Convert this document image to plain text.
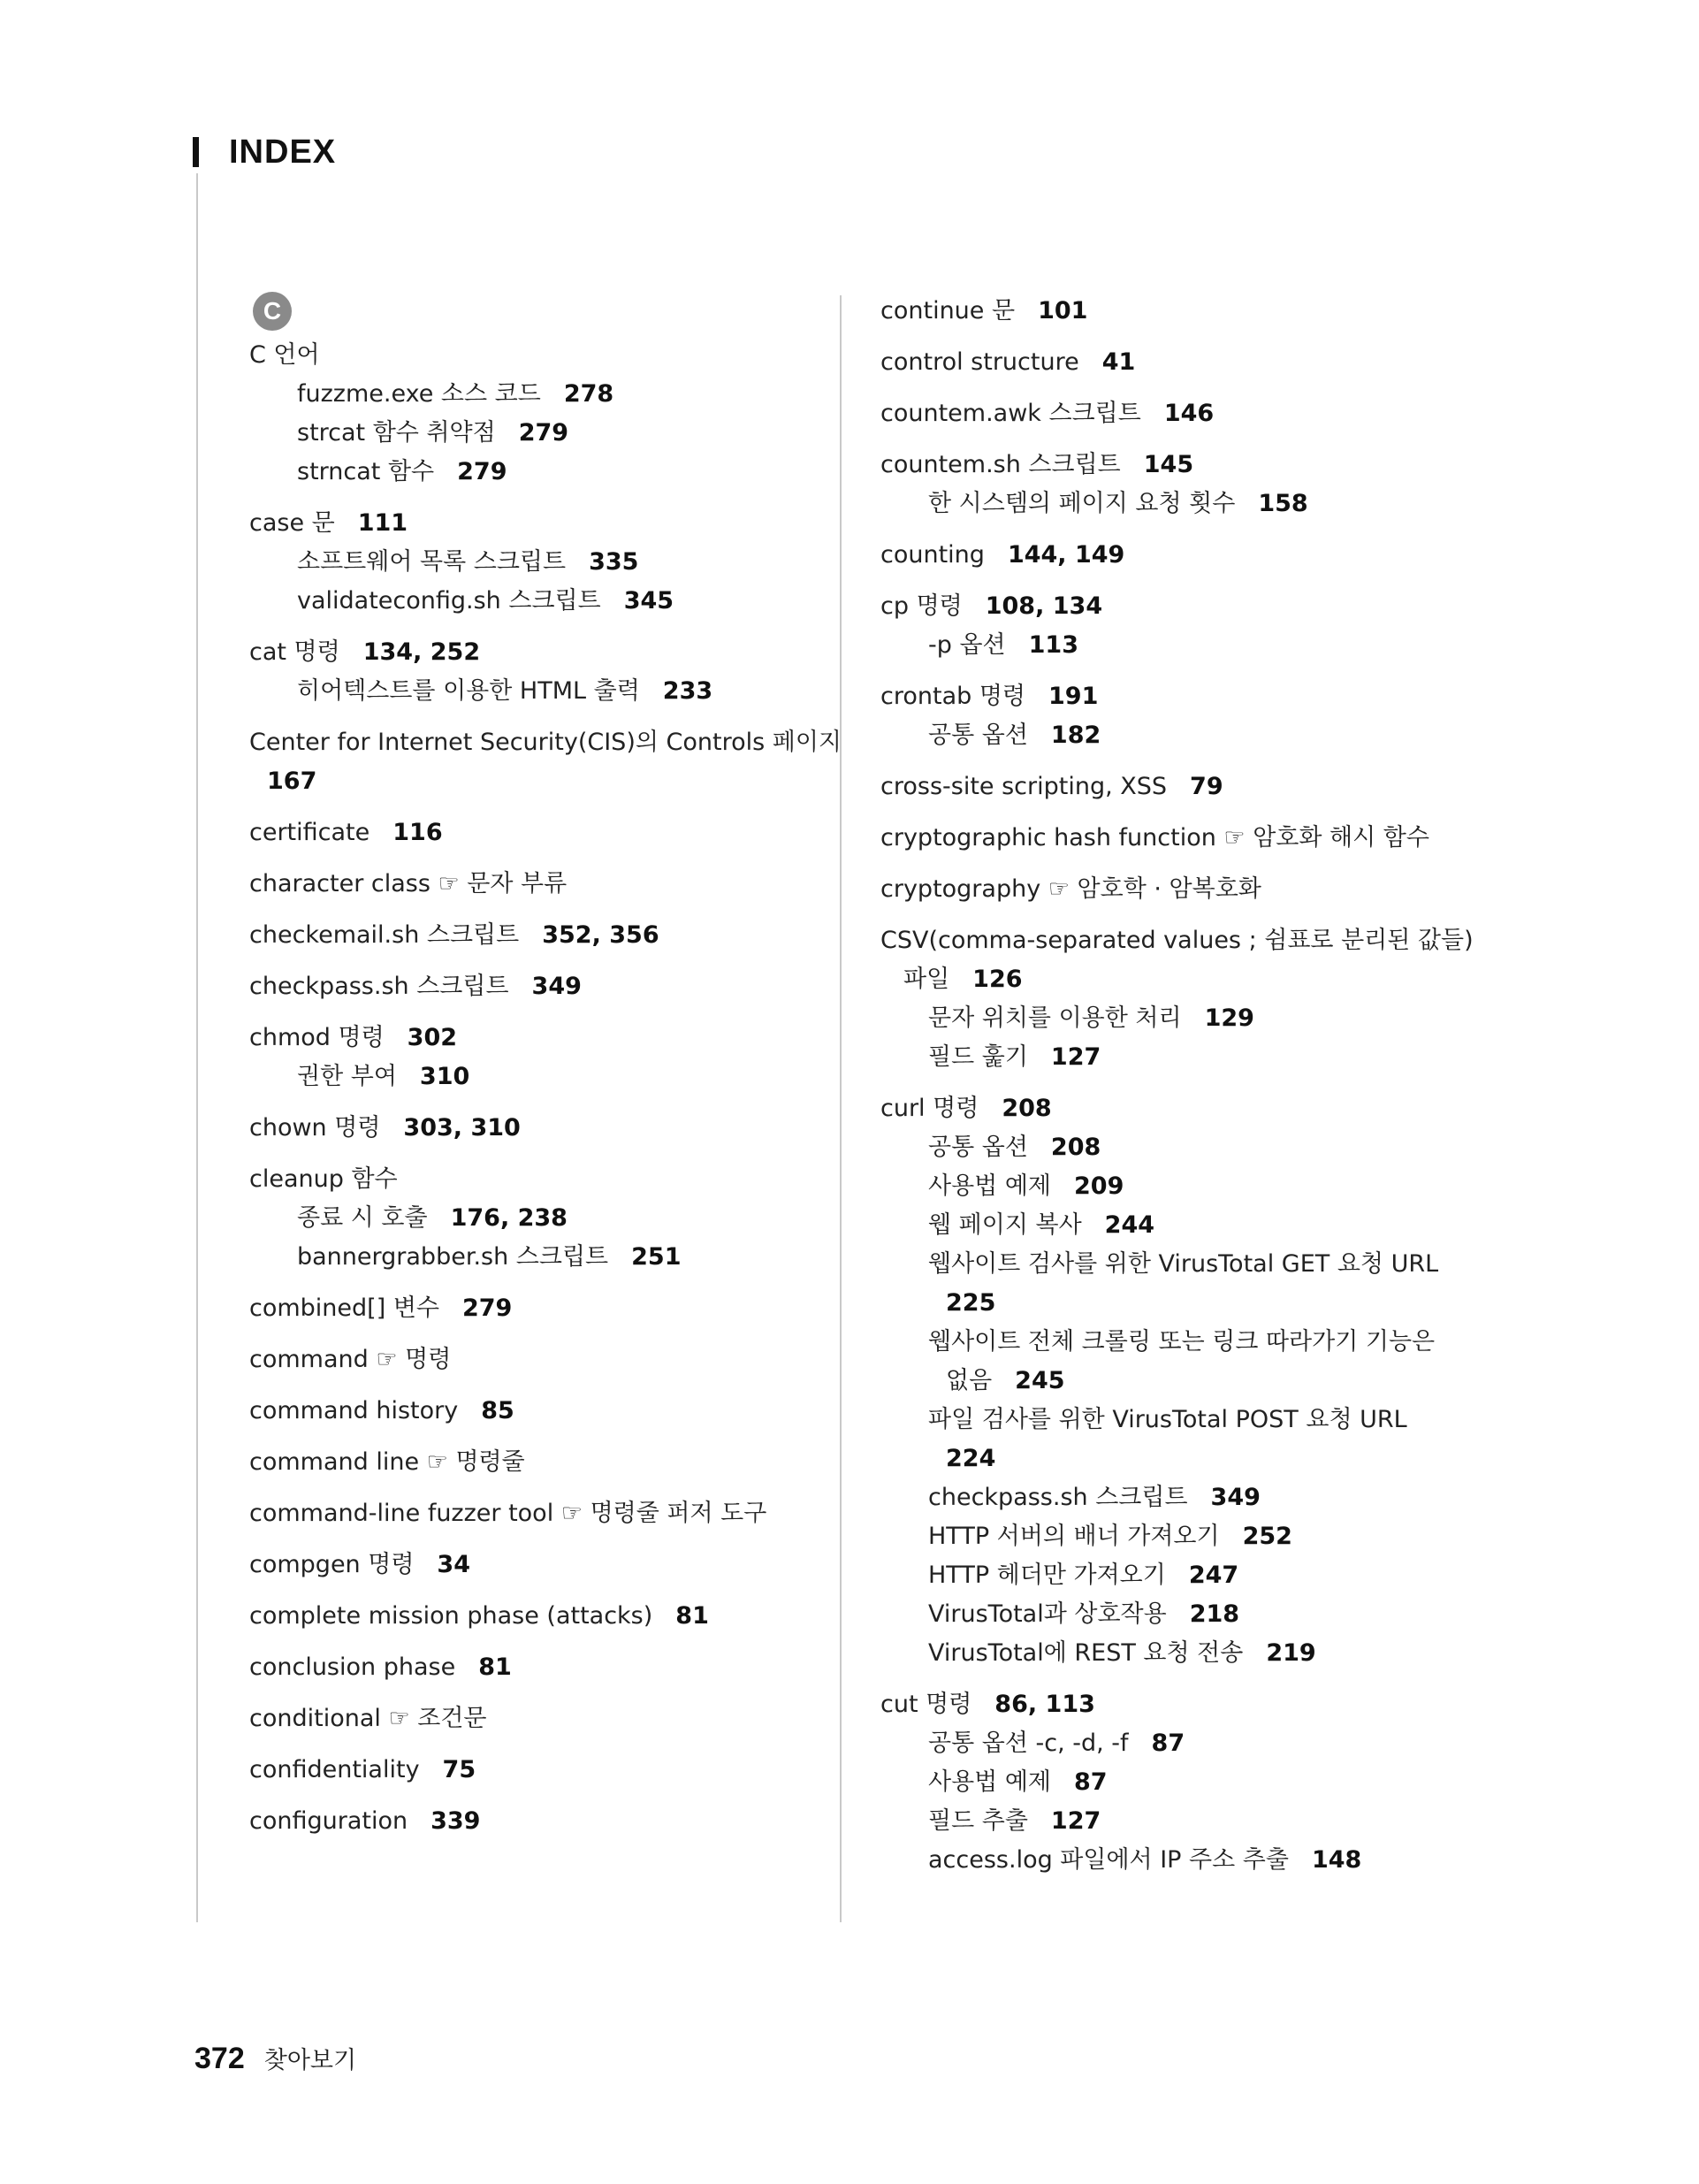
INDEX
C
C 언어
fuzzme.exe 소스 코드 278
strcat 함수 취약점 279
strncat 함수 279
case 문 111
소프트웨어 목록 스크립트 335
validateconfig.sh 스크립트 345
cat 명령 134, 252
히어텍스트를 이용한 HTML 출력 233
Center for Internet Security(CIS)의 Controls 페이지
167
certificate 116
character class ☞ 문자 부류
checkemail.sh 스크립트 352, 356
checkpass.sh 스크립트 349
chmod 명령 302
권한 부여 310
chown 명령 303, 310
cleanup 함수
종료 시 호출 176, 238
bannergrabber.sh 스크립트 251
combined[] 변수 279
command ☞ 명령
command history 85
command line ☞ 명령줄
command-line fuzzer tool ☞ 명령줄 퍼저 도구
compgen 명령 34
complete mission phase (attacks) 81
conclusion phase 81
conditional ☞ 조건문
confidentiality 75
configuration 339
continue 문 101
control structure 41
countem.awk 스크립트 146
countem.sh 스크립트 145
한 시스템의 페이지 요청 횟수 158
counting 144, 149
cp 명령 108, 134
-p 옵션 113
crontab 명령 191
공통 옵션 182
cross-site scripting, XSS 79
cryptographic hash function ☞ 암호화 해시 함수
cryptography ☞ 암호학 · 암복호화
CSV(comma-separated values ; 쉼표로 분리된 값들)
파일 126
문자 위치를 이용한 처리 129
필드 훑기 127
curl 명령 208
공통 옵션 208
사용법 예제 209
웹 페이지 복사 244
웹사이트 검사를 위한 VirusTotal GET 요청 URL
225
웹사이트 전체 크롤링 또는 링크 따라가기 기능은
없음 245
파일 검사를 위한 VirusTotal POST 요청 URL
224
checkpass.sh 스크립트 349
HTTP 서버의 배너 가져오기 252
HTTP 헤더만 가져오기 247
VirusTotal과 상호작용 218
VirusTotal에 REST 요청 전송 219
cut 명령 86, 113
공통 옵션 -c, -d, -f 87
사용법 예제 87
필드 추출 127
access.log 파일에서 IP 주소 추출 148
372 찾아보기
